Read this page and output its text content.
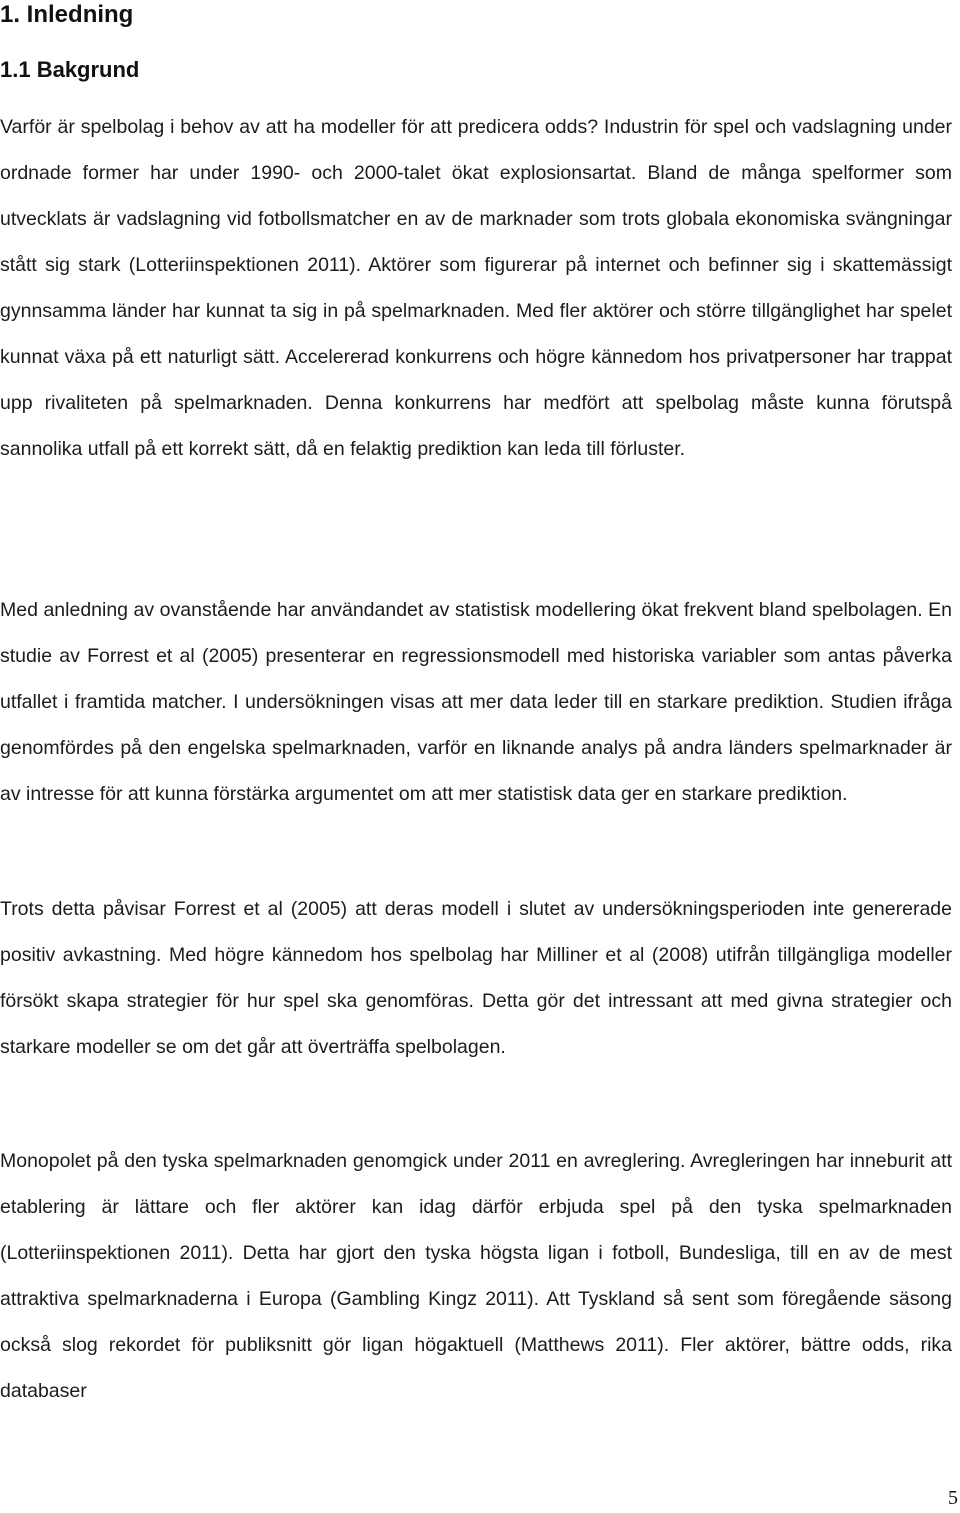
1. Inledning
1.1 Bakgrund

Varför är spelbolag i behov av att ha modeller för att predicera odds? Industrin för spel och vadslagning under ordnade former har under 1990- och 2000-talet ökat explosionsartat. Bland de många spelformer som utvecklats är vadslagning vid fotbollsmatcher en av de marknader som trots globala ekonomiska svängningar stått sig stark (Lotteriinspektionen 2011). Aktörer som figurerar på internet och befinner sig i skattemässigt gynnsamma länder har kunnat ta sig in på spelmarknaden. Med fler aktörer och större tillgänglighet har spelet kunnat växa på ett naturligt sätt. Accelererad konkurrens och högre kännedom hos privatpersoner har trappat upp rivaliteten på spelmarknaden. Denna konkurrens har medfört att spelbolag måste kunna förutspå sannolika utfall på ett korrekt sätt, då en felaktig prediktion kan leda till förluster.

Med anledning av ovanstående har användandet av statistisk modellering ökat frekvent bland spelbolagen. En studie av Forrest et al (2005) presenterar en regressionsmodell med historiska variabler som antas påverka utfallet i framtida matcher. I undersökningen visas att mer data leder till en starkare prediktion. Studien ifråga genomfördes på den engelska spelmarknaden, varför en liknande analys på andra länders spelmarknader är av intresse för att kunna förstärka argumentet om att mer statistisk data ger en starkare prediktion.

Trots detta påvisar Forrest et al (2005) att deras modell i slutet av undersökningsperioden inte genererade positiv avkastning. Med högre kännedom hos spelbolag har Milliner et al (2008) utifrån tillgängliga modeller försökt skapa strategier för hur spel ska genomföras. Detta gör det intressant att med givna strategier och starkare modeller se om det går att överträffa spelbolagen.

Monopolet på den tyska spelmarknaden genomgick under 2011 en avreglering. Avregleringen har inneburit att etablering är lättare och fler aktörer kan idag därför erbjuda spel på den tyska spelmarknaden (Lotteriinspektionen 2011). Detta har gjort den tyska högsta ligan i fotboll, Bundesliga, till en av de mest attraktiva spelmarknaderna i Europa (Gambling Kingz 2011). Att Tyskland så sent som föregående säsong också slog rekordet för publiksnitt gör ligan högaktuell (Matthews 2011). Fler aktörer, bättre odds, rika databaser

5
